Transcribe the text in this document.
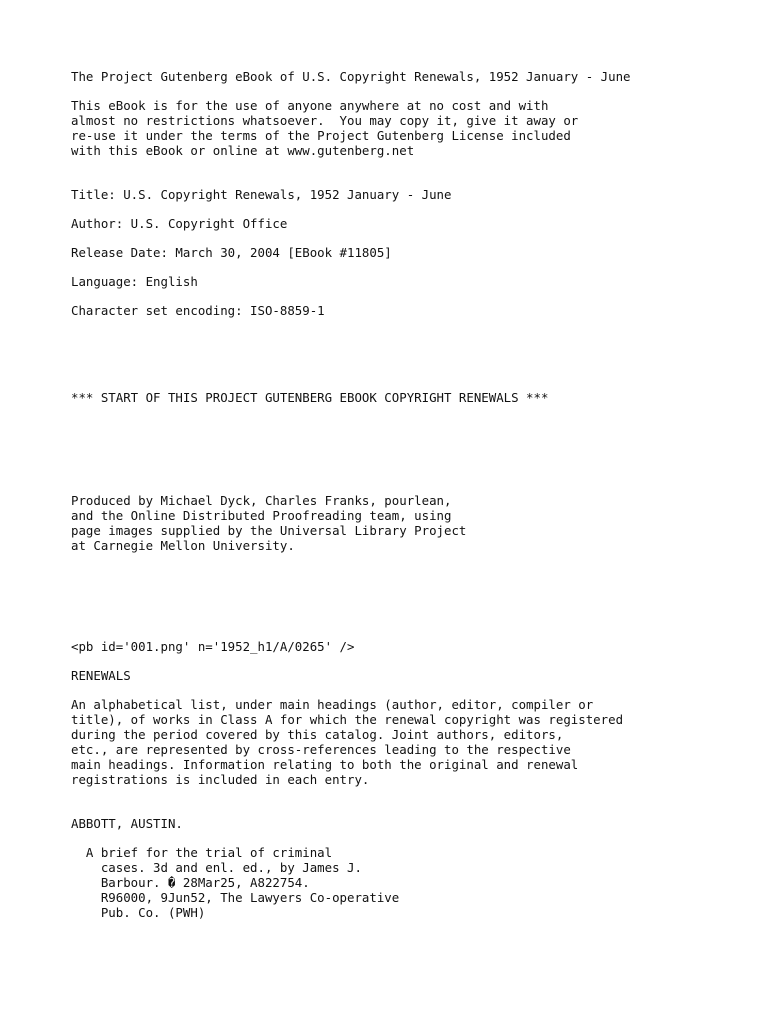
The Project Gutenberg eBook of U.S. Copyright Renewals, 1952 January - June

This eBook is for the use of anyone anywhere at no cost and with

almost no restrictions whatsoever.  You may copy it, give it away or

re-use it under the terms of the Project Gutenberg License included

with this eBook or online at www.gutenberg.net

Title: U.S. Copyright Renewals, 1952 January - June

Author: U.S. Copyright Office

Release Date: March 30, 2004 [EBook #11805]

Language: English

Character set encoding: ISO-8859-1

*** START OF THIS PROJECT GUTENBERG EBOOK COPYRIGHT RENEWALS ***

Produced by Michael Dyck, Charles Franks, pourlean,

and the Online Distributed Proofreading team, using

page images supplied by the Universal Library Project

at Carnegie Mellon University.

<pb id='001.png' n='1952_h1/A/0265' />

RENEWALS

An alphabetical list, under main headings (author, editor, compiler or

title), of works in Class A for which the renewal copyright was registered

during the period covered by this catalog. Joint authors, editors,

etc., are represented by cross-references leading to the respective

main headings. Information relating to both the original and renewal

registrations is included in each entry.

ABBOTT, AUSTIN.

A brief for the trial of criminal

cases. 3d and enl. ed., by James J.

Barbour. � 28Mar25, A822754.

R96000, 9Jun52, The Lawyers Co-operative

Pub. Co. (PWH)
